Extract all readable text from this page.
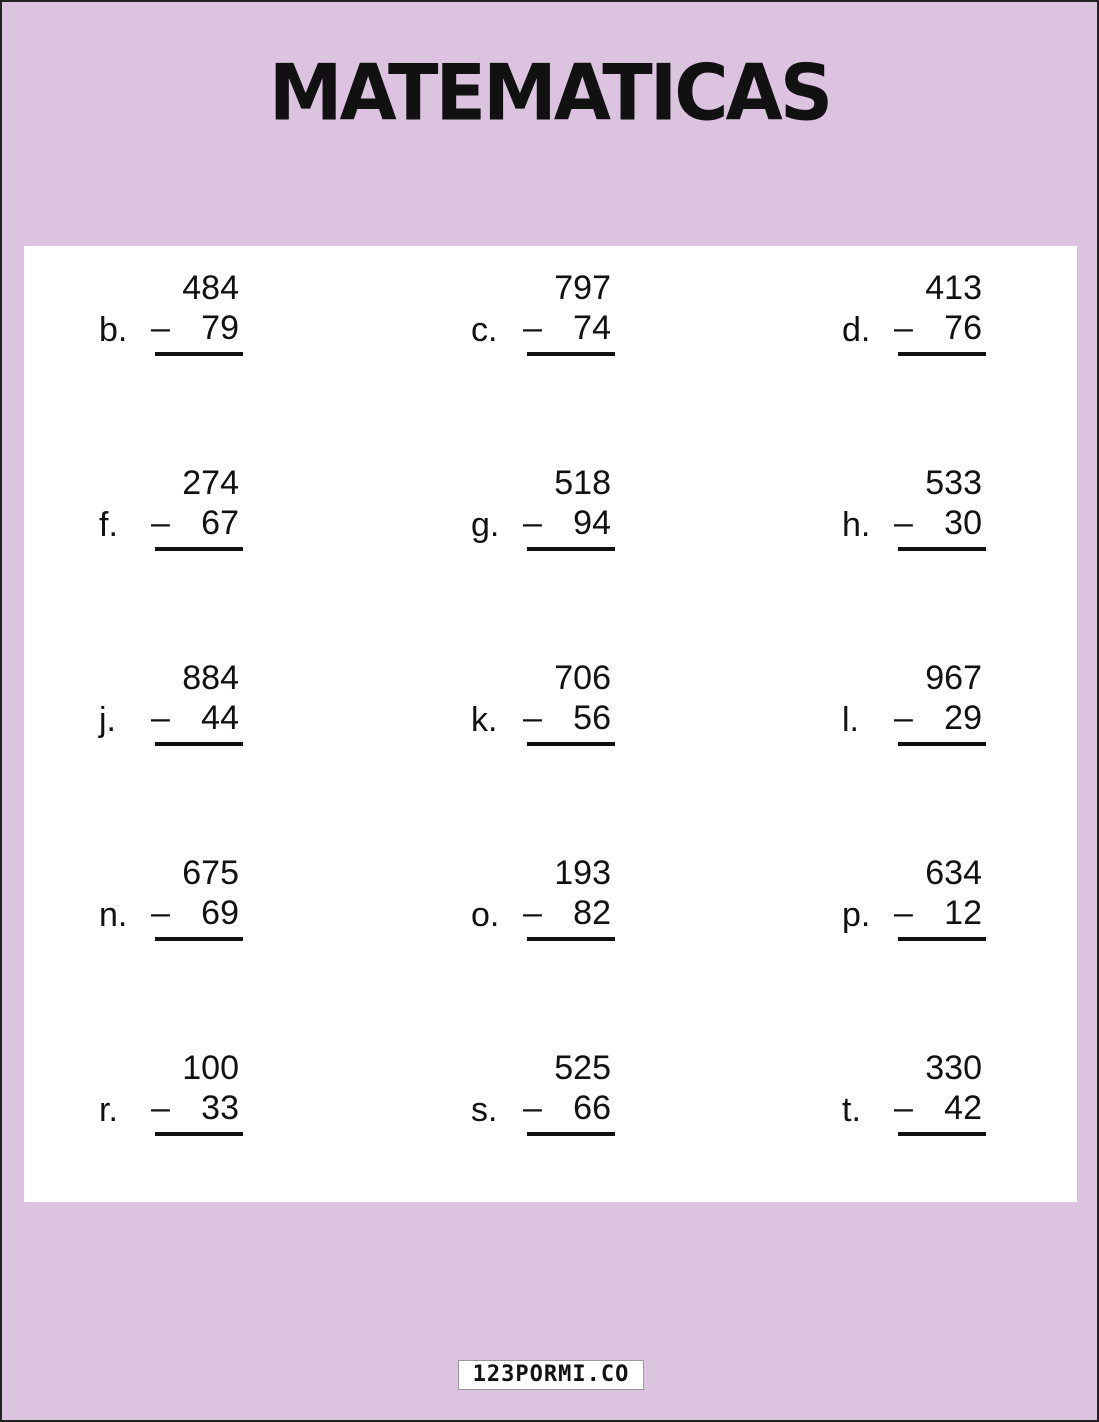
MATEMATICAS
484
b. – 79
797
c. – 74
413
d. – 76
274
f. – 67
518
g. – 94
533
h. – 30
884
j. – 44
706
k. – 56
967
l. – 29
675
n. – 69
193
o. – 82
634
p. – 12
100
r. – 33
525
s. – 66
330
t. – 42
123PORMI.CO
